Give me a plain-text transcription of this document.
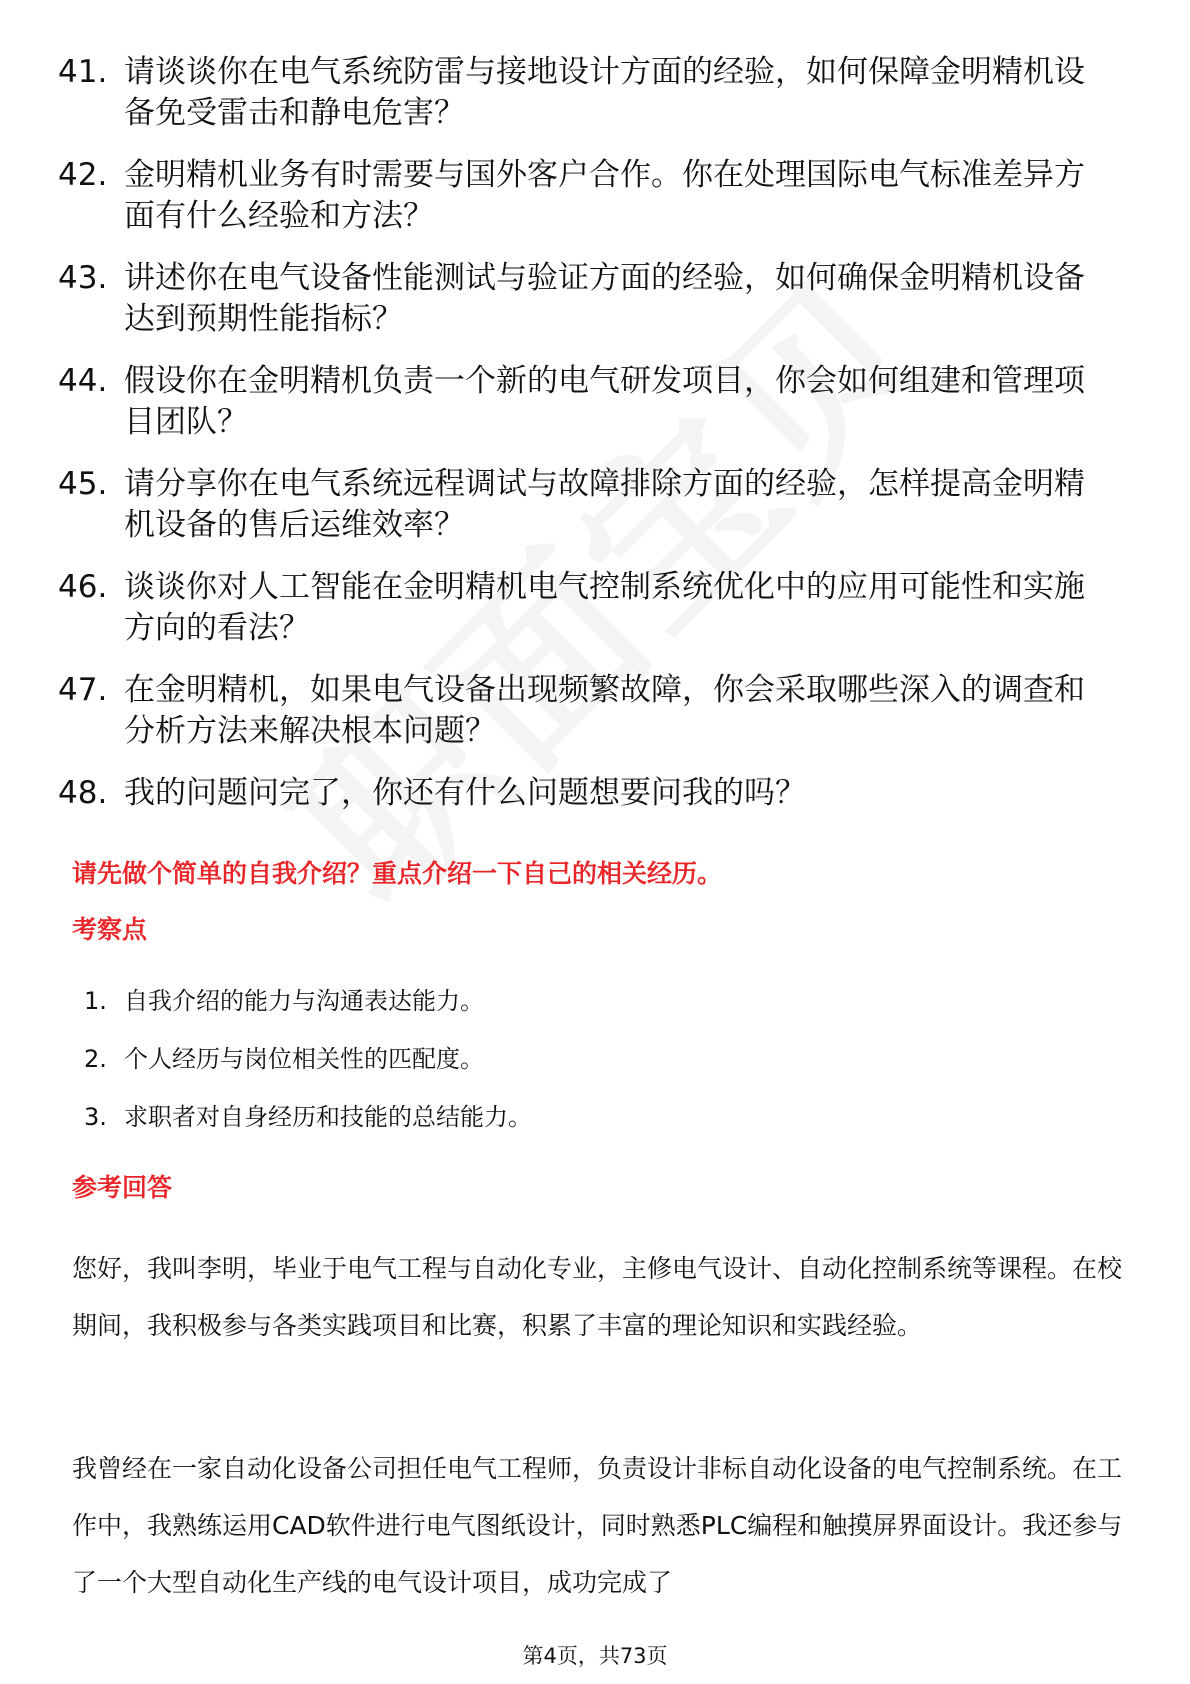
41. 请谈谈你在电气系统防雷与接地设计方面的经验，如何保障金明精机设备免受雷击和静电危害？
42. 金明精机业务有时需要与国外客户合作。你在处理国际电气标准差异方面有什么经验和方法？
43. 讲述你在电气设备性能测试与验证方面的经验，如何确保金明精机设备达到预期性能指标？
44. 假设你在金明精机负责一个新的电气研发项目，你会如何组建和管理项目团队？
45. 请分享你在电气系统远程调试与故障排除方面的经验，怎样提高金明精机设备的售后运维效率？
46. 谈谈你对人工智能在金明精机电气控制系统优化中的应用可能性和实施方向的看法？
47. 在金明精机，如果电气设备出现频繁故障，你会采取哪些深入的调查和分析方法来解决根本问题？
48. 我的问题问完了，你还有什么问题想要问我的吗？
请先做个简单的自我介绍？重点介绍一下自己的相关经历。
考察点
1. 自我介绍的能力与沟通表达能力。
2. 个人经历与岗位相关性的匹配度。
3. 求职者对自身经历和技能的总结能力。
参考回答
您好，我叫李明，毕业于电气工程与自动化专业，主修电气设计、自动化控制系统等课程。在校期间，我积极参与各类实践项目和比赛，积累了丰富的理论知识和实践经验。
我曾经在一家自动化设备公司担任电气工程师，负责设计非标自动化设备的电气控制系统。在工作中，我熟练运用CAD软件进行电气图纸设计，同时熟悉PLC编程和触摸屏界面设计。我还参与了一个大型自动化生产线的电气设计项目，成功完成了
第4页，共73页
